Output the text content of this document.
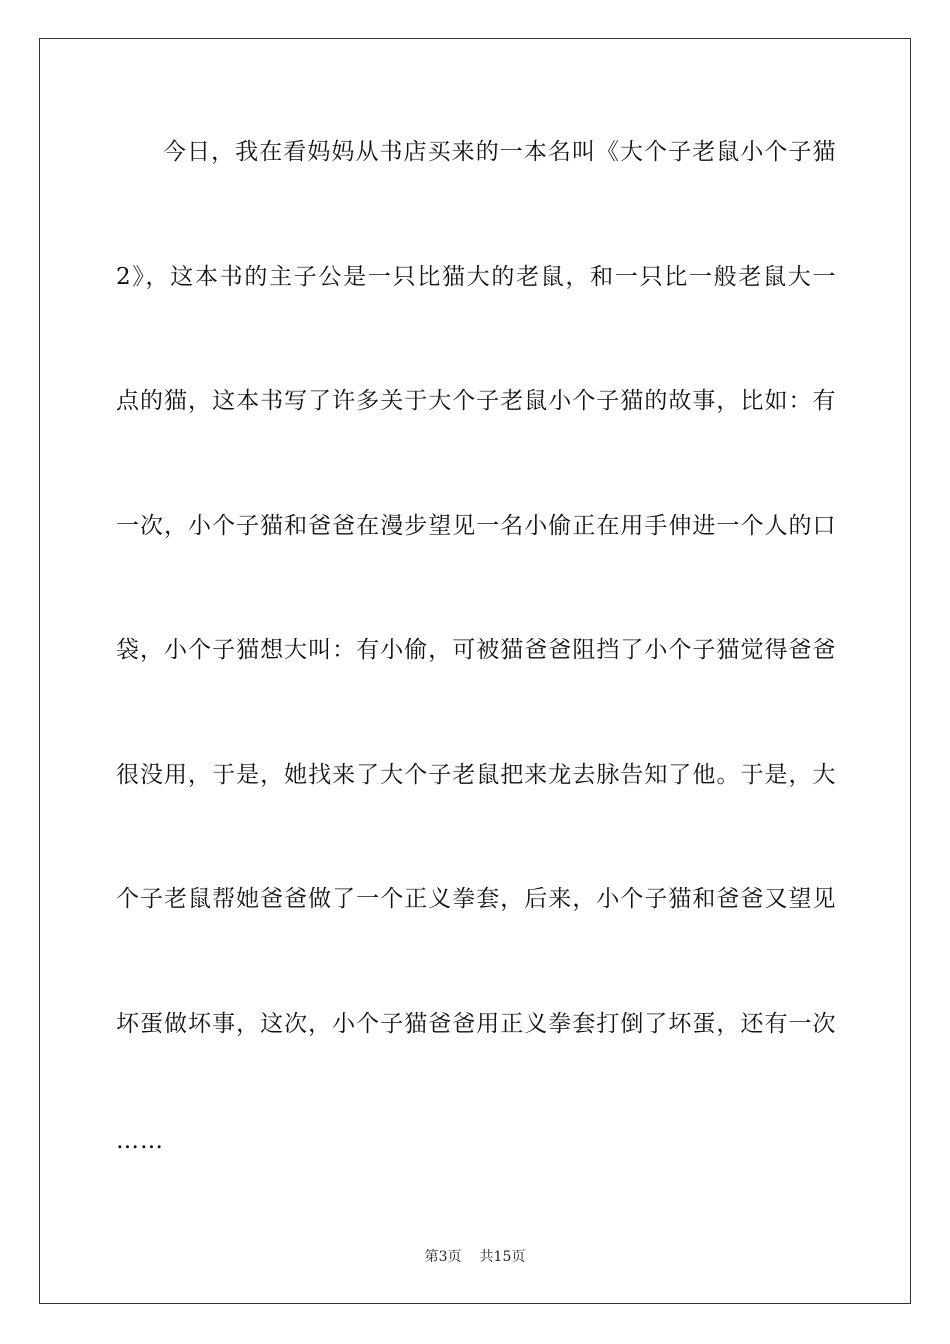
今日，我在看妈妈从书店买来的一本名叫《大个子老鼠小个子猫
2》，这本书的主子公是一只比猫大的老鼠，和一只比一般老鼠大一
点的猫，这本书写了许多关于大个子老鼠小个子猫的故事，比如：有
一次，小个子猫和爸爸在漫步望见一名小偷正在用手伸进一个人的口
袋，小个子猫想大叫：有小偷，可被猫爸爸阻挡了小个子猫觉得爸爸
很没用，于是，她找来了大个子老鼠把来龙去脉告知了他。于是，大
个子老鼠帮她爸爸做了一个正义拳套，后来，小个子猫和爸爸又望见
坏蛋做坏事，这次，小个子猫爸爸用正义拳套打倒了坏蛋，还有一次
……
第3页 共15页
